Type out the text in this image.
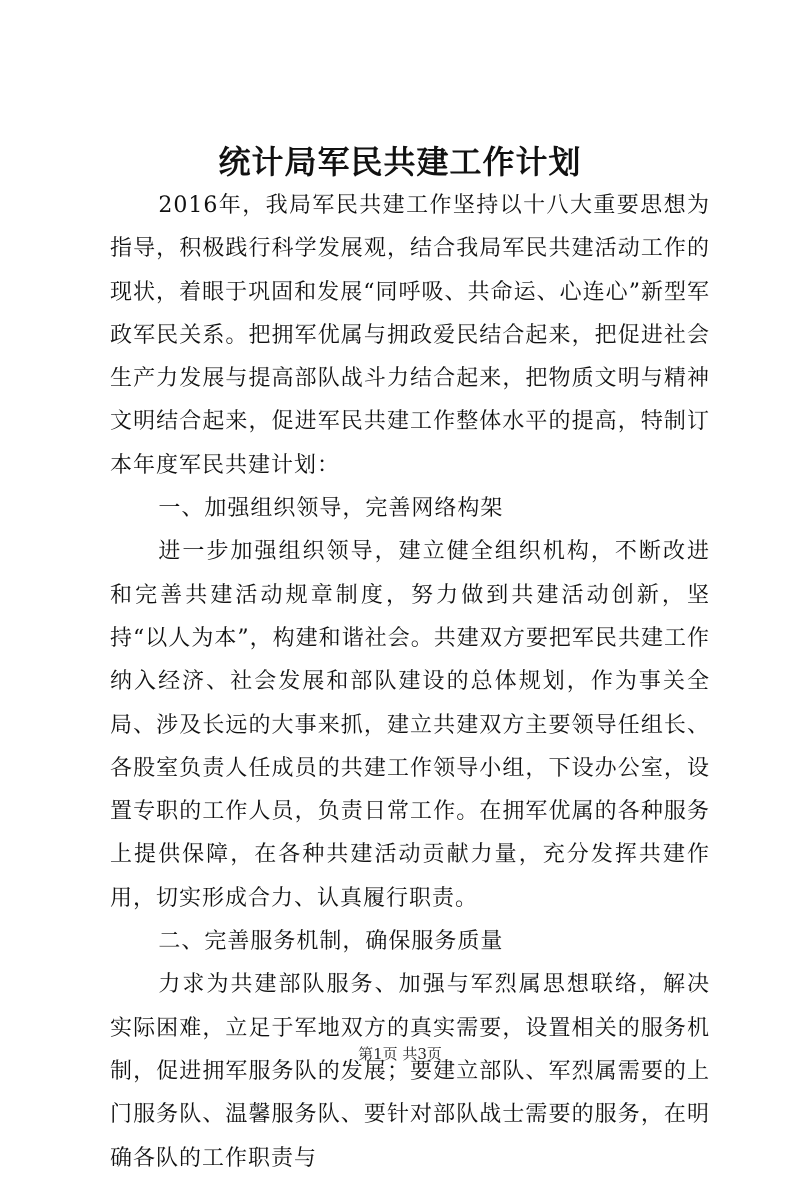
统计局军民共建工作计划

2016年，我局军民共建工作坚持以十八大重要思想为指导，积极践行科学发展观，结合我局军民共建活动工作的现状，着眼于巩固和发展“同呼吸、共命运、心连心”新型军政军民关系。把拥军优属与拥政爱民结合起来，把促进社会生产力发展与提高部队战斗力结合起来，把物质文明与精神文明结合起来，促进军民共建工作整体水平的提高，特制订本年度军民共建计划：

一、加强组织领导，完善网络构架

进一步加强组织领导，建立健全组织机构，不断改进和完善共建活动规章制度，努力做到共建活动创新，坚持“以人为本”，构建和谐社会。共建双方要把军民共建工作纳入经济、社会发展和部队建设的总体规划，作为事关全局、涉及长远的大事来抓，建立共建双方主要领导任组长、各股室负责人任成员的共建工作领导小组，下设办公室，设置专职的工作人员，负责日常工作。在拥军优属的各种服务上提供保障，在各种共建活动贡献力量，充分发挥共建作用，切实形成合力、认真履行职责。

二、完善服务机制，确保服务质量

力求为共建部队服务、加强与军烈属思想联络，解决实际困难，立足于军地双方的真实需要，设置相关的服务机制，促进拥军服务队的发展；要建立部队、军烈属需要的上门服务队、温馨服务队、要针对部队战士需要的服务，在明确各队的工作职责与

第1页 共3页
